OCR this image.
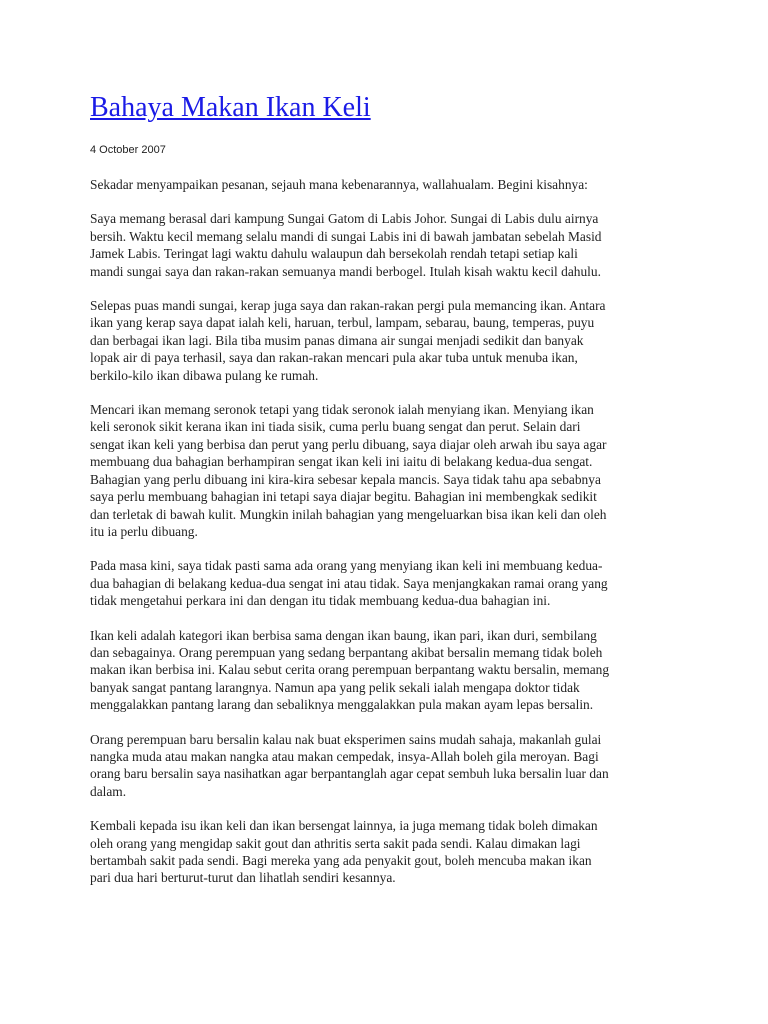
Bahaya Makan Ikan Keli
4 October 2007

Sekadar menyampaikan pesanan, sejauh mana kebenarannya, wallahualam. Begini kisahnya:

Saya memang berasal dari kampung Sungai Gatom di Labis Johor. Sungai di Labis dulu airnya
bersih. Waktu kecil memang selalu mandi di sungai Labis ini di bawah jambatan sebelah Masid
Jamek Labis. Teringat lagi waktu dahulu walaupun dah bersekolah rendah tetapi setiap kali
mandi sungai saya dan rakan-rakan semuanya mandi berbogel. Itulah kisah waktu kecil dahulu.

Selepas puas mandi sungai, kerap juga saya dan rakan-rakan pergi pula memancing ikan. Antara
ikan yang kerap saya dapat ialah keli, haruan, terbul, lampam, sebarau, baung, temperas, puyu
dan berbagai ikan lagi. Bila tiba musim panas dimana air sungai menjadi sedikit dan banyak
lopak air di paya terhasil, saya dan rakan-rakan mencari pula akar tuba untuk menuba ikan,
berkilo-kilo ikan dibawa pulang ke rumah.

Mencari ikan memang seronok tetapi yang tidak seronok ialah menyiang ikan. Menyiang ikan
keli seronok sikit kerana ikan ini tiada sisik, cuma perlu buang sengat dan perut. Selain dari
sengat ikan keli yang berbisa dan perut yang perlu dibuang, saya diajar oleh arwah ibu saya agar
membuang dua bahagian berhampiran sengat ikan keli ini iaitu di belakang kedua-dua sengat.
Bahagian yang perlu dibuang ini kira-kira sebesar kepala mancis. Saya tidak tahu apa sebabnya
saya perlu membuang bahagian ini tetapi saya diajar begitu. Bahagian ini membengkak sedikit
dan terletak di bawah kulit. Mungkin inilah bahagian yang mengeluarkan bisa ikan keli dan oleh
itu ia perlu dibuang.

Pada masa kini, saya tidak pasti sama ada orang yang menyiang ikan keli ini membuang kedua-
dua bahagian di belakang kedua-dua sengat ini atau tidak. Saya menjangkakan ramai orang yang
tidak mengetahui perkara ini dan dengan itu tidak membuang kedua-dua bahagian ini.

Ikan keli adalah kategori ikan berbisa sama dengan ikan baung, ikan pari, ikan duri, sembilang
dan sebagainya. Orang perempuan yang sedang berpantang akibat bersalin memang tidak boleh
makan ikan berbisa ini. Kalau sebut cerita orang perempuan berpantang waktu bersalin, memang
banyak sangat pantang larangnya. Namun apa yang pelik sekali ialah mengapa doktor tidak
menggalakkan pantang larang dan sebaliknya menggalakkan pula makan ayam lepas bersalin.

Orang perempuan baru bersalin kalau nak buat eksperimen sains mudah sahaja, makanlah gulai
nangka muda atau makan nangka atau makan cempedak, insya-Allah boleh gila meroyan. Bagi
orang baru bersalin saya nasihatkan agar berpantanglah agar cepat sembuh luka bersalin luar dan
dalam.

Kembali kepada isu ikan keli dan ikan bersengat lainnya, ia juga memang tidak boleh dimakan
oleh orang yang mengidap sakit gout dan athritis serta sakit pada sendi. Kalau dimakan lagi
bertambah sakit pada sendi. Bagi mereka yang ada penyakit gout, boleh mencuba makan ikan
pari dua hari berturut-turut dan lihatlah sendiri kesannya.
